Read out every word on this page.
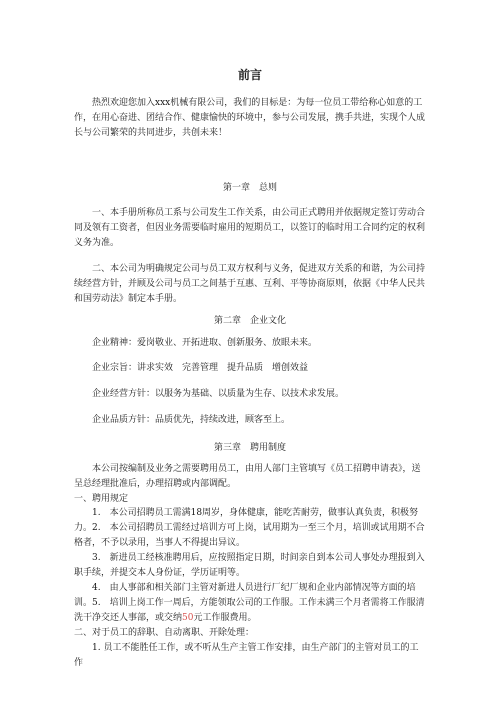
前言

热烈欢迎您加入xxx机械有限公司，我们的目标是：为每一位员工带给称心如意的工作，在用心奋进、团结合作、健康愉快的环境中，参与公司发展，携手共进，实现个人成长与公司繁荣的共同进步，共创未来！

第一章　总则

一、本手册所称员工系与公司发生工作关系，由公司正式聘用并依据规定签订劳动合同及领有工资者，但因业务需要临时雇用的短期员工，以签订的临时用工合同约定的权利义务为准。

二、本公司为明确规定公司与员工双方权利与义务，促进双方关系的和谐，为公司持续经营方针，并顾及公司与员工之间基于互惠、互利、平等协商原则，依据《中华人民共和国劳动法》制定本手册。

第二章　企业文化

企业精神：爱岗敬业、开拓进取、创新服务、放眼未来。

企业宗旨：讲求实效　完善管理　提升品质　增创效益

企业经营方针：以服务为基础、以质量为生存、以技术求发展。

企业品质方针：品质优先，持续改进，顾客至上。

第三章　聘用制度

本公司按编制及业务之需要聘用员工，由用人部门主管填写《员工招聘申请表》，送呈总经理批准后，办理招聘或内部调配。

一、聘用规定

1.　本公司招聘员工需满18周岁，身体健康，能吃苦耐劳，做事认真负责，积极努力。 2.　本公司招聘员工需经过培训方可上岗，试用期为一至三个月，培训或试用期不合格者，不予以录用，当事人不得提出异议。

3.　新进员工经核准聘用后，应按照指定日期，时间亲自到本公司人事处办理报到入职手续，并提交本人身份证，学历证明等。

4.　由人事部和相关部门主管对新进人员进行厂纪厂规和企业内部情况等方面的培训。 5.　培训上岗工作一周后，方能领取公司的工作服。工作未满三个月者需将工作服清洗干净交还人事部，或交纳50元工作服费用。

二、对于员工的辞职、自动离职、开除处理：

1. 员工不能胜任工作，或不听从生产主管工作安排，由生产部门的主管对员工的工作
